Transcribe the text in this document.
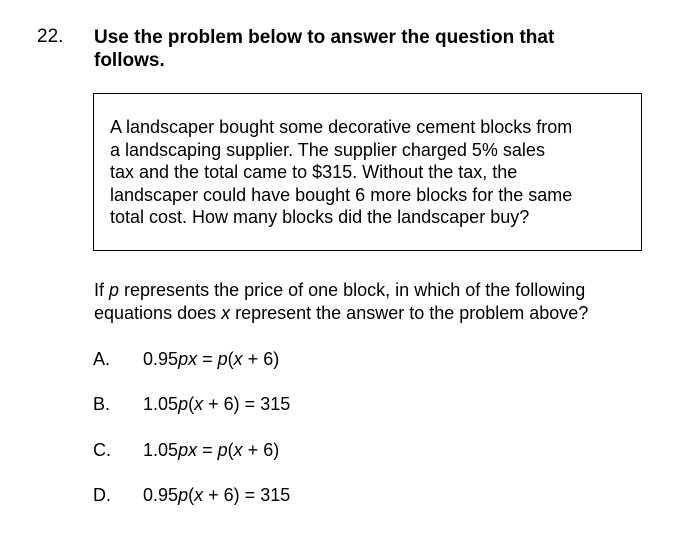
22. Use the problem below to answer the question that
follows.
A landscaper bought some decorative cement blocks from
a landscaping supplier. The supplier charged 5% sales
tax and the total came to $315. Without the tax, the
landscaper could have bought 6 more blocks for the same
total cost. How many blocks did the landscaper buy?
If p represents the price of one block, in which of the following
equations does x represent the answer to the problem above?
A. 0.95px = p(x + 6)
B. 1.05p(x + 6) = 315
C. 1.05px = p(x + 6)
D. 0.95p(x + 6) = 315
